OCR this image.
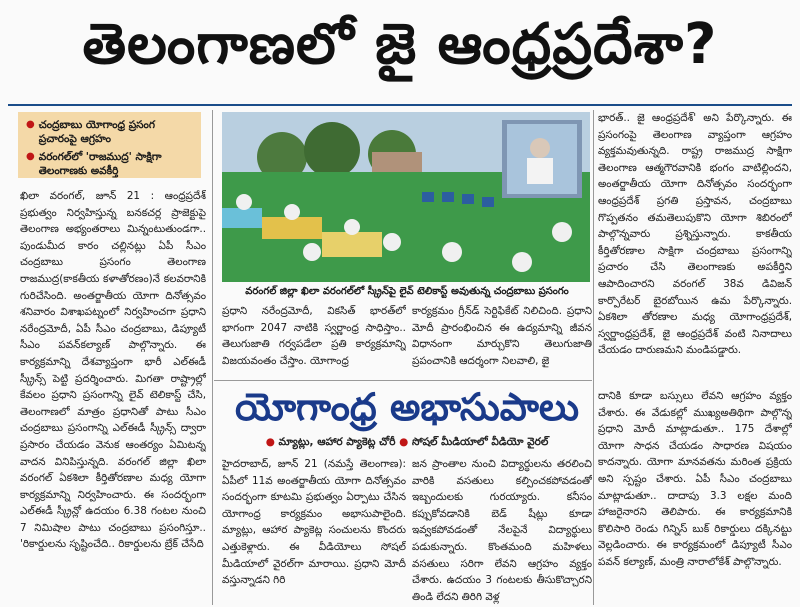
తెలంగాణలో జై ఆంధ్రప్రదేశా?
● చంద్రబాబు యోగాంధ్ర ప్రసంగ ప్రచారంపై ఆగ్రహం
● వరంగల్‌లో 'రాజముద్ర' సాక్షిగా తెలంగాణకు అవకీర్తి

ఖిలా వరంగల్, జూన్ 21 : ఆంధ్రప్రదేశ్ ప్రభుత్వం నిర్వహిస్తున్న బనకచర్ల ప్రాజెక్టుపై తెలంగాణ అభ్యంతరాలు మిన్నంటుతుండగా.. పుండుమీద కారం చల్లినట్లు ఏపీ సీఎం చంద్రబాబు ప్రసంగం తెలంగాణ రాజముద్ర(కాకతీయ కళాతోరణం)నే కలవరానికి గురిచేసింది. అంతర్జాతీయ యోగా దినోత్సవం శనివారం విశాఖపట్నంలో నిర్వహించగా ప్రధాని నరేంద్రమోదీ, ఏపీ సీఎం చంద్రబాబు, డిప్యూటీ సీఎం పవన్‌కల్యాణ్ పాల్గొన్నారు. ఈ కార్యక్రమాన్ని దేశవ్యాప్తంగా భారీ ఎల్‌ఈడీ స్క్రీన్స్ పెట్టి ప్రదర్శించారు. మిగతా రాష్ట్రాల్లో కేవలం ప్రధాని ప్రసంగాన్ని లైవ్ టెలికాస్ట్ చేసి, తెలంగాణలో మాత్రం ప్రధానితో పాటు సీఎం చంద్రబాబు ప్రసంగాన్ని ఎల్‌ఈడీ స్క్రీన్స్ ద్వారా ప్రసారం చేయడం వెనుక ఆంతర్యం ఏమిటన్న వాదన వినిపిస్తున్నది. వరంగల్ జిల్లా ఖిలా వరంగల్ ఏకశిలా కీర్తితోరణాల మధ్య యోగా కార్యక్రమాన్ని నిర్వహించారు. ఈ సందర్భంగా ఎల్‌ఈడీ స్క్రీన్లో ఉదయం 6.38 గంటల నుంచి 7 నిమిషాల పాటు చంద్రబాబు ప్రసంగిస్తూ.. 'రికార్డులను సృష్టించేది.. రికార్డులను బ్రేక్ చేసేది

వరంగల్ జిల్లా ఖిలా వరంగల్‌లో స్క్రీన్‌పై లైవ్ టెలికాస్ట్ అవుతున్న చంద్రబాబు ప్రసంగం

ప్రధాని నరేంద్రమోదీ, వికసిత్ భారత్‌లో భాగంగా 2047 నాటికి స్వర్ణాంధ్ర సాధిస్తాం.. తెలుగుజాతి గర్వపడేలా ప్రతి కార్యక్రమాన్ని విజయవంతం చేస్తాం. యోగాంధ్ర

కార్యక్రమం గ్రీన్‌డ్ సెర్టిఫికేట్ నిలిచింది. ప్రధాని మోదీ ప్రారంభించిన ఈ ఉద్యమాన్ని జీవన విధానంగా మార్చుకొని తెలుగుజాతి ప్రపంచానికి ఆదర్శంగా నిలవాలి, జై

భారత్.. జై ఆంధ్రప్రదేశ్' అని పేర్కొన్నారు. ఈ ప్రసంగంపై తెలంగాణ వ్యాప్తంగా ఆగ్రహం వ్యక్తమవుతున్నది. రాష్ట్ర రాజముద్ర సాక్షిగా తెలంగాణ ఆత్మగౌరవానికి భంగం వాటిల్లిందని, అంతర్జాతీయ యోగా దినోత్సవం సందర్భంగా ఆంధ్రప్రదేశ్ ప్రగతి ప్రస్తావన, చంద్రబాబు గొప్పతనం తమతెలుపుకొని యోగా శిబిరంలో పాల్గొన్నవారు ప్రశ్నిస్తున్నారు. కాకతీయ కీర్తితోరణాల సాక్షిగా చంద్రబాబు ప్రసంగాన్ని ప్రచారం చేసి తెలంగాణకు అపకీర్తిని ఆపాదించారని వరంగల్ 38వ డివిజన్ కార్పొరేటర్ బైరబోయిన ఉమ పేర్కొన్నారు. ఏకశిలా తోరణాల మధ్య యోగాంధ్రప్రదేశ్, స్వర్ణాంధ్రప్రదేశ్, జై ఆంధ్రప్రదేశ్ వంటి నినాదాలు చేయడం దారుణమని మండిపడ్డారు.

యోగాంధ్ర అభాసుపాలు
● మ్యాట్లు, ఆహార ప్యాకెట్ల చోరీ ● సోషల్ మీడియాలో వీడియో వైరల్

హైదరాబాద్, జూన్ 21 (నమస్తే తెలంగాణ): ఏపీలో 11వ అంతర్జాతీయ యోగా దినోత్సవం సందర్భంగా కూటమి ప్రభుత్వం ఏర్పాటు చేసిన యోగాంధ్ర కార్యక్రమం అభాసుపాలైంది. మ్యాట్లు, ఆహార ప్యాకెట్ల సంచులను కొందరు ఎత్తుకెళ్లారు. ఈ వీడియోలు సోషల్ మీడియాలో వైరల్‌గా మారాయి. ప్రధాని మోదీ వస్తున్నాడని గిరి

జన ప్రాంతాల నుంచి విద్యార్థులను తరలించి వారికి వసతులు కల్పించకపోవడంతో ఇబ్బందులకు గురయ్యారు. కనీసం కప్పుకోవడానికి బెడ్ షీట్లు కూడా ఇవ్వకపోవడంతో నేలపైనే విద్యార్థులు పడుకున్నారు. కొంతమంది మహిళలు వసతులు సరిగా లేవని ఆగ్రహం వ్యక్తం చేశారు. ఉదయం 3 గంటలకు తీసుకొచ్చారని తిండి లేదని తిరిగి వెళ్ల

దానికి కూడా బస్సులు లేవని ఆగ్రహం వ్యక్తం చేశారు. ఈ వేడుకల్లో ముఖ్యఅతిథిగా పాల్గొన్న ప్రధాని మోదీ మాట్లాడుతూ.. 175 దేశాల్లో యోగా సాధన చేయడం సాధారణ విషయం కాదన్నారు. యోగా మానవతను మరింత ప్రక్రియ అని స్పష్టం చేశారు. ఏపీ సీఎం చంద్రబాబు మాట్లాడుతూ.. దాదాపు 3.3 లక్షల మంది హాజరైనారని తెలిపారు. ఈ కార్యక్రమానికి కొలిసారి రెండు గిన్నిస్ బుక్ రికార్డులు దక్కినట్టు వెల్లడించారు. ఈ కార్యక్రమంలో డిప్యూటీ సీఎం పవన్ కల్యాణ్, మంత్రి నారాలోకేశ్ పాల్గొన్నారు.
